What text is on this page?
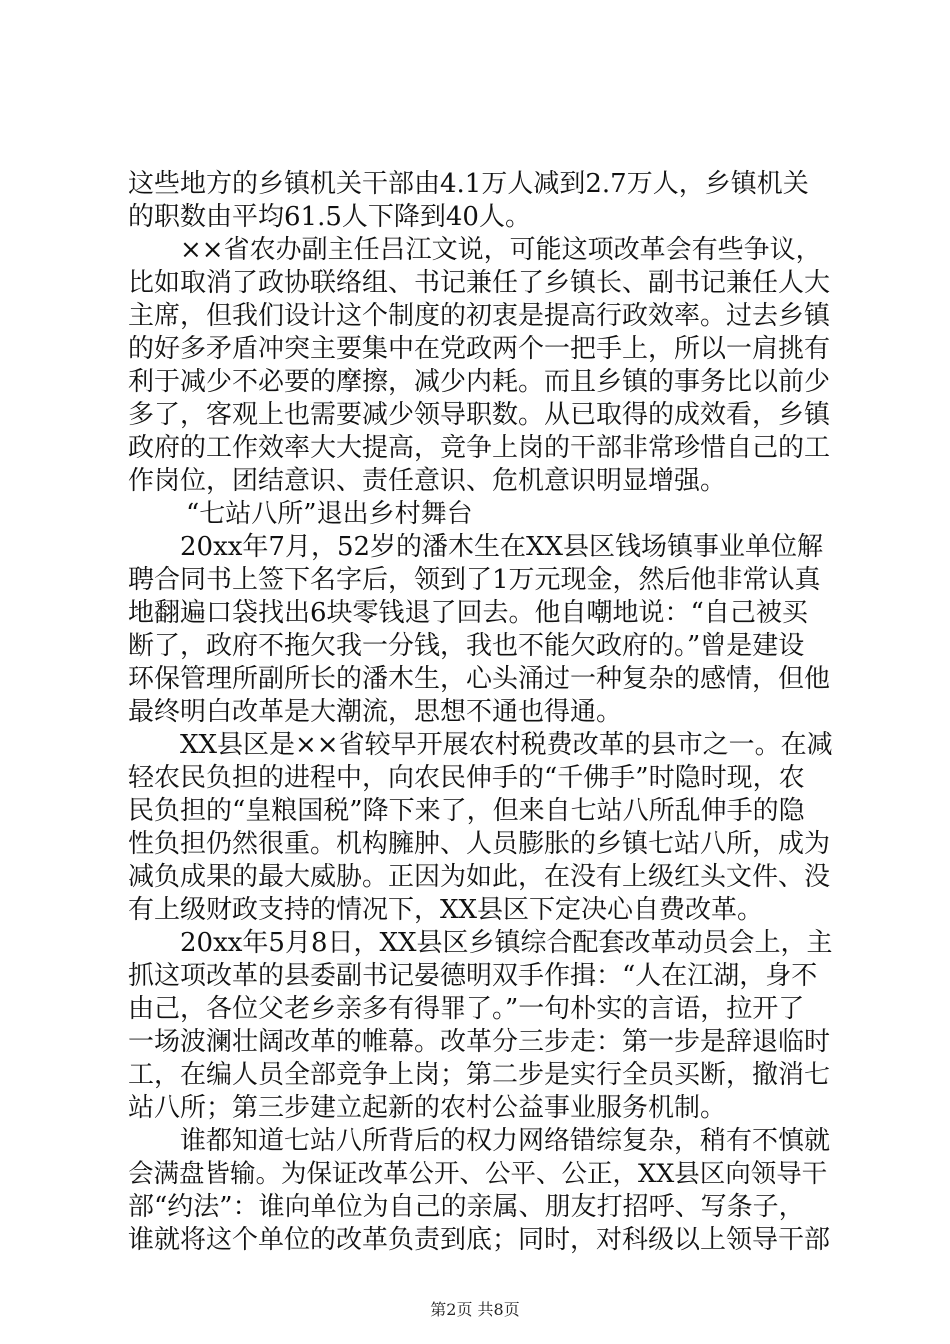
这些地方的乡镇机关干部由4.1万人减到2.7万人，乡镇机关
的职数由平均61.5人下降到40人。
××省农办副主任吕江文说，可能这项改革会有些争议，
比如取消了政协联络组、书记兼任了乡镇长、副书记兼任人大
主席，但我们设计这个制度的初衷是提高行政效率。过去乡镇
的好多矛盾冲突主要集中在党政两个一把手上，所以一肩挑有
利于减少不必要的摩擦，减少内耗。而且乡镇的事务比以前少
多了，客观上也需要减少领导职数。从已取得的成效看，乡镇
政府的工作效率大大提高，竞争上岗的干部非常珍惜自己的工
作岗位，团结意识、责任意识、危机意识明显增强。
“七站八所”退出乡村舞台
20xx年7月，52岁的潘木生在XX县区钱场镇事业单位解
聘合同书上签下名字后，领到了1万元现金，然后他非常认真
地翻遍口袋找出6块零钱退了回去。他自嘲地说：“自己被买
断了，政府不拖欠我一分钱，我也不能欠政府的。”曾是建设
环保管理所副所长的潘木生，心头涌过一种复杂的感情，但他
最终明白改革是大潮流，思想不通也得通。
XX县区是××省较早开展农村税费改革的县市之一。在减
轻农民负担的进程中，向农民伸手的“千佛手”时隐时现，农
民负担的“皇粮国税”降下来了，但来自七站八所乱伸手的隐
性负担仍然很重。机构臃肿、人员膨胀的乡镇七站八所，成为
减负成果的最大威胁。正因为如此，在没有上级红头文件、没
有上级财政支持的情况下，XX县区下定决心自费改革。
20xx年5月8日，XX县区乡镇综合配套改革动员会上，主
抓这项改革的县委副书记晏德明双手作揖：“人在江湖，身不
由己，各位父老乡亲多有得罪了。”一句朴实的言语，拉开了
一场波澜壮阔改革的帷幕。改革分三步走：第一步是辞退临时
工，在编人员全部竞争上岗；第二步是实行全员买断，撤消七
站八所；第三步建立起新的农村公益事业服务机制。
谁都知道七站八所背后的权力网络错综复杂，稍有不慎就
会满盘皆输。为保证改革公开、公平、公正，XX县区向领导干
部“约法”：谁向单位为自己的亲属、朋友打招呼、写条子，
谁就将这个单位的改革负责到底；同时，对科级以上领导干部
第2页 共8页
